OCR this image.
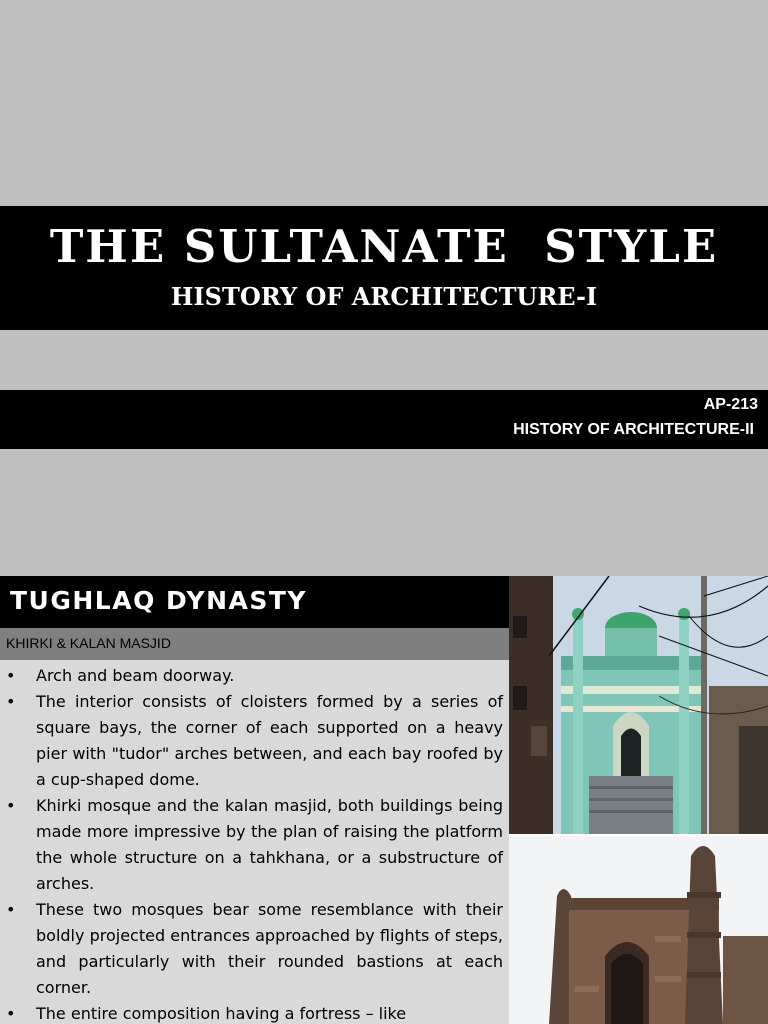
THE SULTANATE  STYLE
HISTORY OF ARCHITECTURE-I
AP-213
HISTORY OF ARCHITECTURE-II
TUGHLAQ DYNASTY
KHIRKI & KALAN MASJID
•	Arch and beam doorway.
•	The interior consists of cloisters formed by a series of square bays, the corner of each supported on a heavy pier with "tudor" arches between, and each bay roofed by a cup-shaped dome.
•	Khirki mosque and the kalan masjid, both buildings being made more impressive by the plan of raising the platform the whole structure on a tahkhana, or a substructure of arches.
•	These two mosques bear some resemblance with their boldly projected entrances approached by flights of steps, and particularly with their rounded bastions at each corner.
•	The entire composition having a fortress – like
